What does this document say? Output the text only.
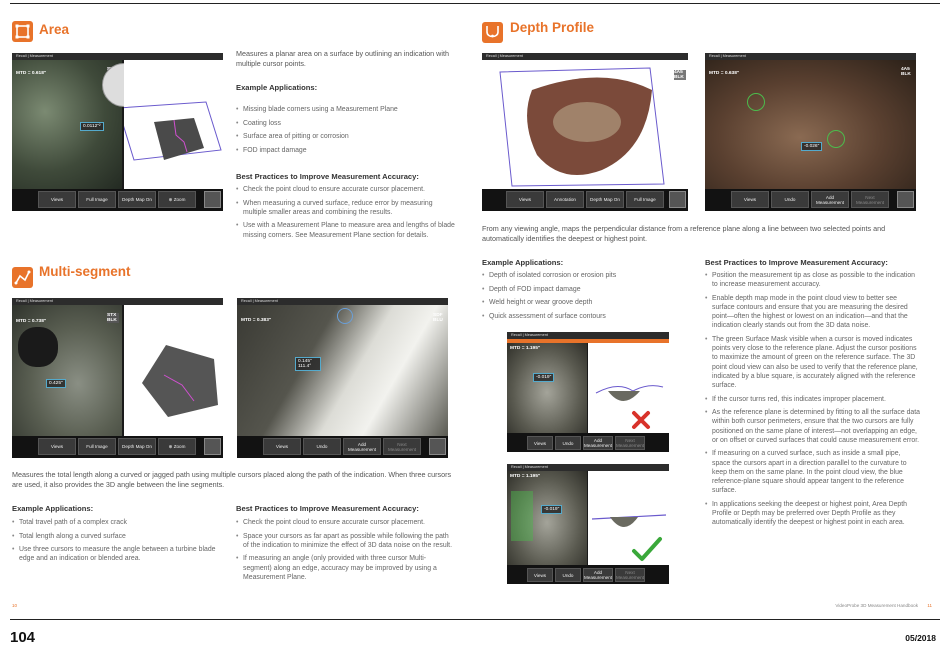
Area
Recall | Measurement
MTD = 0.618"
0.0112"²
Views	Full Image	Depth Map On	⊕ Zoom
Measures a planar area on a surface by outlining an indication with multiple cursor points.
Example Applications:
• Missing blade corners using a Measurement Plane
• Coating loss
• Surface area of pitting or corrosion
• FOD impact damage
Best Practices to Improve Measurement Accuracy:
• Check the point cloud to ensure accurate cursor placement.
• When measuring a curved surface, reduce error by measuring multiple smaller areas and combining the results.
• Use with a Measurement Plane to measure area and lengths of blade missing corners. See Measurement Plane section for details.
Multi-segment
Recall | Measurement
MTD = 0.738"
STX BLK
0.425"
Views	Full Image	Depth Map On	⊕ Zoom
Recall | Measurement
MTD = 0.383"
SDF BLU
0.145" 111.4°
Views	Undo	Add Measurement
Next Measurement
Measures the total length along a curved or jagged path using multiple cursors placed along the path of the indication. When three cursors are used, it also provides the 3D angle between the line segments.
Example Applications:
• Total travel path of a complex crack
• Total length along a curved surface
• Use three cursors to measure the angle between a turbine blade edge and an indication or blended area.
Best Practices to Improve Measurement Accuracy:
• Check the point cloud to ensure accurate cursor placement.
• Space your cursors as far apart as possible while following the path of the indication to minimize the effect of 3D data noise on the result.
• If measuring an angle (only provided with three cursor Multi-segment) along an edge, accuracy may be improved by using a Measurement Plane.
Depth Profile
Recall | Measurement
4A5 BLK
Views	Annotation	Depth Map On	Full Image
Recall | Measurement
MTD = 0.638"
4A5 BLK
-0.026"
Views	Undo	Add Measurement
Next Measurement
From any viewing angle, maps the perpendicular distance from a reference plane along a line between two selected points and automatically identifies the deepest or highest point.
Example Applications:
• Depth of isolated corrosion or erosion pits
• Depth of FOD impact damage
• Weld height or wear groove depth
• Quick assessment of surface contours
Recall | Measurement
MTD = 1.195"
-0.019"
Views	Undo	Add Measurement
Next Measurement
Recall | Measurement
MTD = 1.195"
-0.019"
Views	Undo	Add Measurement
Next Measurement
Best Practices to Improve Measurement Accuracy:
• Position the measurement tip as close as possible to the indication to increase measurement accuracy.
• Enable depth map mode in the point cloud view to better see surface contours and ensure that you are measuring the desired point—often the highest or lowest on an indication—and that the indication clearly stands out from the 3D data noise.
• The green Surface Mask visible when a cursor is moved indicates points very close to the reference plane. Adjust the cursor positions to maximize the amount of green on the reference surface. The 3D point cloud view can also be used to verify that the reference plane, indicated by a blue square, is accurately aligned with the reference surface.
• If the cursor turns red, this indicates improper placement.
• As the reference plane is determined by fitting to all the surface data within both cursor perimeters, ensure that the two cursors are fully positioned on the same plane of interest—not overlapping an edge, or on offset or curved surfaces that could cause measurement error.
• If measuring on a curved surface, such as inside a small pipe, space the cursors apart in a direction parallel to the curvature to keep them on the same plane. In the point cloud view, the blue reference-plane square should appear tangent to the reference surface.
• In applications seeking the deepest or highest point, Area Depth Profile or Depth may be preferred over Depth Profile as they automatically identify the deepest or highest point in each area.
10	VideoProbe 3D Measurement Handbook 11
104	05/2018
